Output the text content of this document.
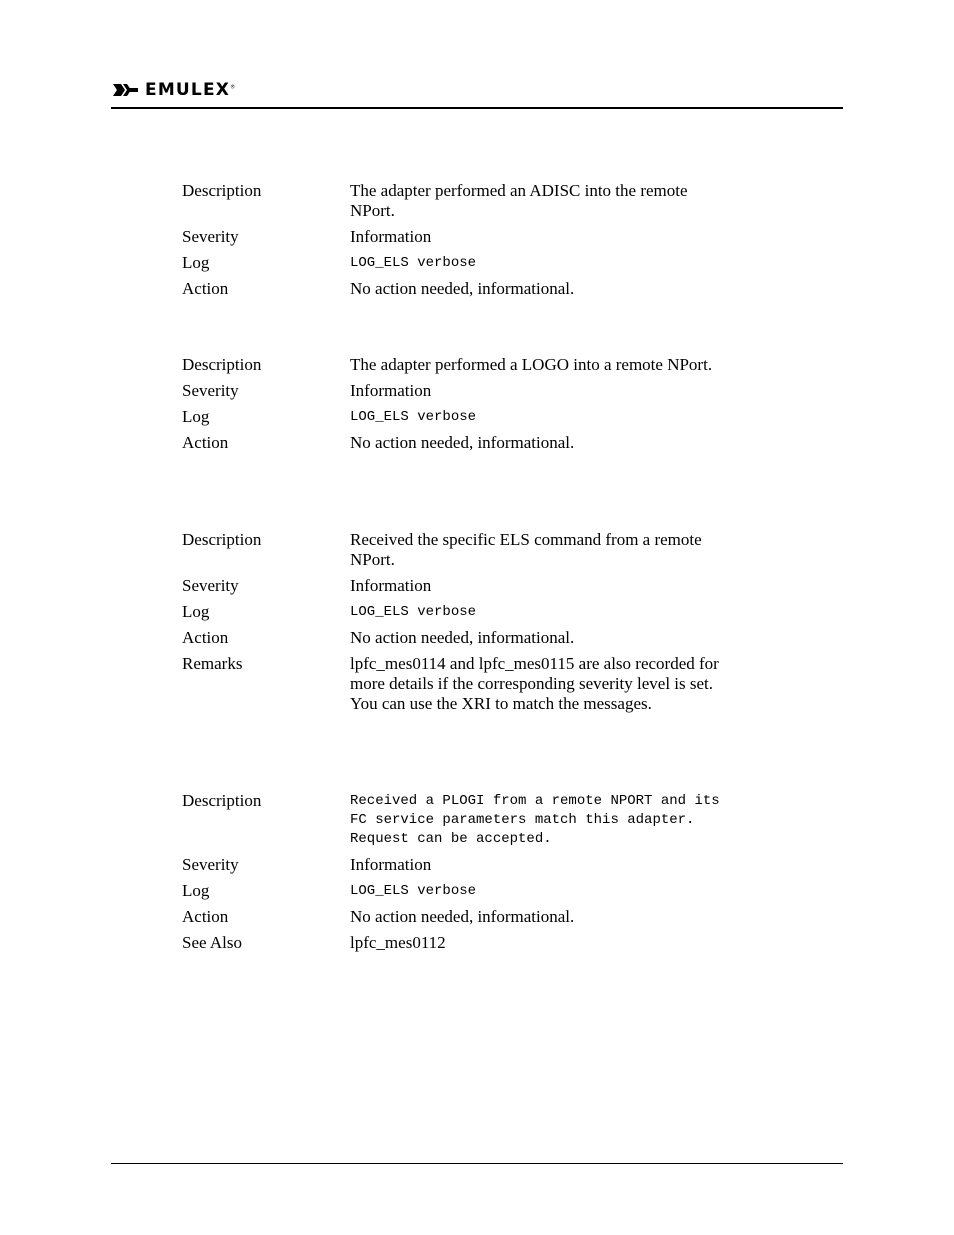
EMULEX®
Description	The adapter performed an ADISC into the remote NPort.
Severity	Information
Log	LOG_ELS verbose
Action	No action needed, informational.
Description	The adapter performed a LOGO into a remote NPort.
Severity	Information
Log	LOG_ELS verbose
Action	No action needed, informational.
Description	Received the specific ELS command from a remote NPort.
Severity	Information
Log	LOG_ELS verbose
Action	No action needed, informational.
Remarks	lpfc_mes0114 and lpfc_mes0115 are also recorded for more details if the corresponding severity level is set. You can use the XRI to match the messages.
Description	Received a PLOGI from a remote NPORT and its FC service parameters match this adapter. Request can be accepted.
Severity	Information
Log	LOG_ELS verbose
Action	No action needed, informational.
See Also	lpfc_mes0112
